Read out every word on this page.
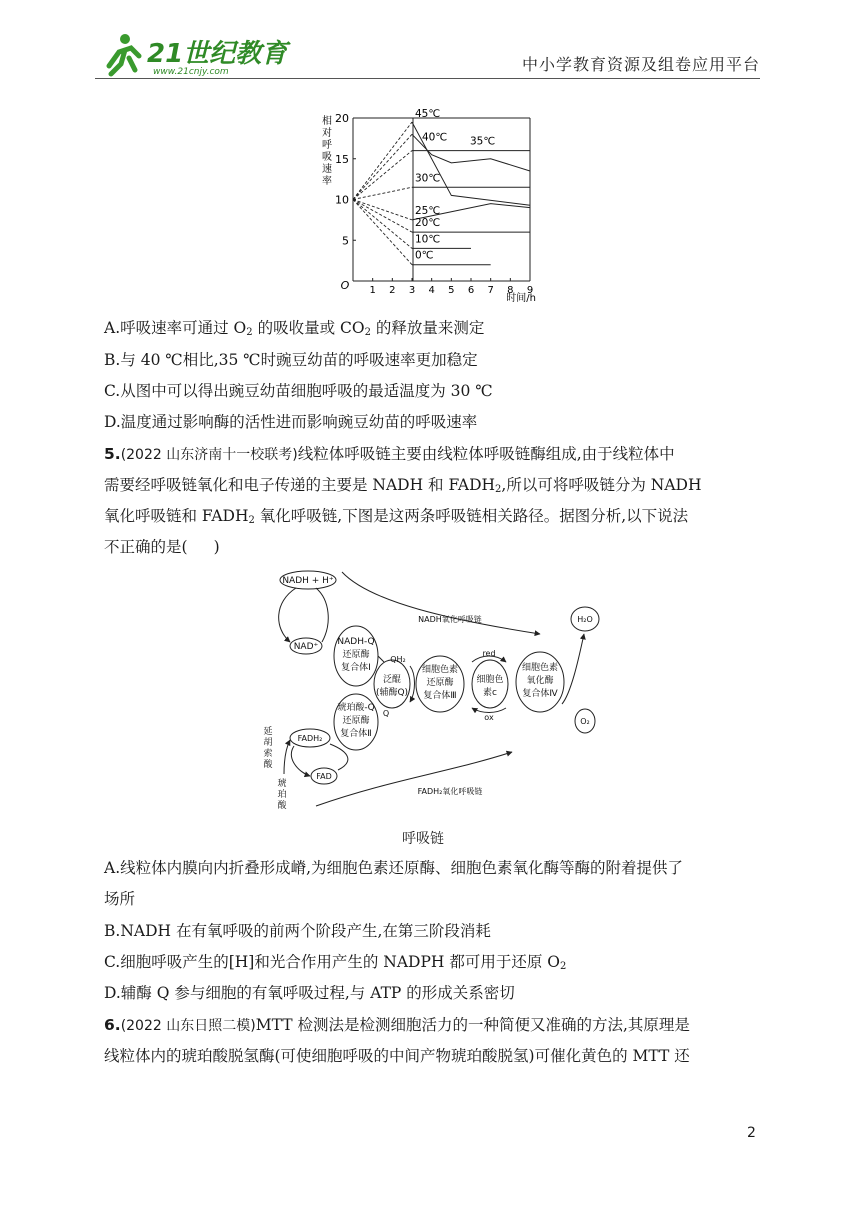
21世纪教育
www.21cnjy.com	中小学教育资源及组卷应用平台
相
对
呼
吸
速
率
时间/h
O 1 2 3 4 5 6 7 8 9
5
10
15
20	45℃
40℃ 35℃
30℃
25℃
20℃
10℃
0℃
A.呼吸速率可通过 $O_2$ 的吸收量或 $CO_2$ 的释放量来测定
B.与 40 ℃相比,35 ℃时豌豆幼苗的呼吸速率更加稳定
C.从图中可以得出豌豆幼苗细胞呼吸的最适温度为 30 ℃
D.温度通过影响酶的活性进而影响豌豆幼苗的呼吸速率
5.(2022 山东济南十一校联考)线粒体呼吸链主要由线粒体呼吸链酶组成,由于线粒体中
需要经呼吸链氧化和电子传递的主要是 NADH 和 $FADH_2$,所以可将呼吸链分为 NADH
氧化呼吸链和 $FADH_2$ 氧化呼吸链,下图是这两条呼吸链相关路径。据图分析,以下说法
不正确的是( )
NADH + H⁺
NAD⁺ NADH-Q
还原酶
复合体Ⅰ
NADH氧化呼吸链
QH₂
泛醌
(辅酶Q)
Q
细胞色素
还原酶
复合体Ⅲ
red
ox
细胞色
素c
细胞色素
氧化酶
复合体Ⅳ
H₂O
O₂
琥珀酸-Q
还原酶
复合体Ⅱ
FADH₂
FAD
FADH₂氧化呼吸链
延
胡
索
酸
琥
珀
酸
呼吸链
A.线粒体内膜向内折叠形成嵴,为细胞色素还原酶、细胞色素氧化酶等酶的附着提供了
场所
B.NADH 在有氧呼吸的前两个阶段产生,在第三阶段消耗
C.细胞呼吸产生的[H]和光合作用产生的 NADPH 都可用于还原 $O_2$
D.辅酶 Q 参与细胞的有氧呼吸过程,与 ATP 的形成关系密切
6.(2022 山东日照二模)MTT 检测法是检测细胞活力的一种简便又准确的方法,其原理是
线粒体内的琥珀酸脱氢酶(可使细胞呼吸的中间产物琥珀酸脱氢)可催化黄色的 MTT 还
2
